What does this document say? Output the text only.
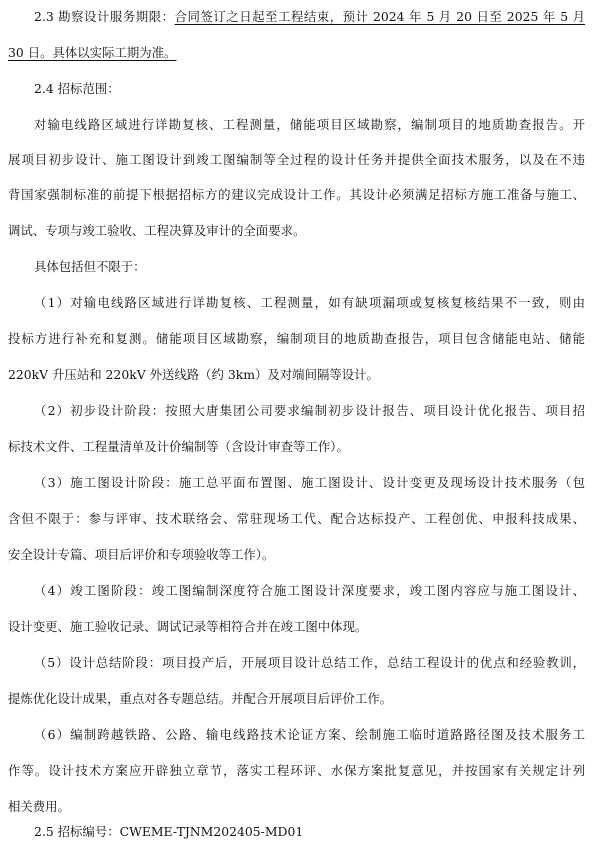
2.3 勘察设计服务期限：合同签订之日起至工程结束，预计 2024 年 5 月 20 日至 2025 年 5 月
30 日。具体以实际工期为准。
2.4 招标范围：
对输电线路区域进行详勘复核、工程测量，储能项目区域勘察，编制项目的地质勘查报告。开
展项目初步设计、施工图设计到竣工图编制等全过程的设计任务并提供全面技术服务，以及在不违
背国家强制标准的前提下根据招标方的建议完成设计工作。其设计必须满足招标方施工准备与施工、
调试、专项与竣工验收、工程决算及审计的全面要求。
具体包括但不限于：
（1）对输电线路区域进行详勘复核、工程测量，如有缺项漏项或复核复核结果不一致，则由
投标方进行补充和复测。储能项目区域勘察，编制项目的地质勘查报告，项目包含储能电站、储能
220kV 升压站和 220kV 外送线路（约 3km）及对端间隔等设计。
（2）初步设计阶段：按照大唐集团公司要求编制初步设计报告、项目设计优化报告、项目招
标技术文件、工程量清单及计价编制等（含设计审查等工作）。
（3）施工图设计阶段：施工总平面布置图、施工图设计、设计变更及现场设计技术服务（包
含但不限于：参与评审、技术联络会、常驻现场工代、配合达标投产、工程创优、申报科技成果、
安全设计专篇、项目后评价和专项验收等工作）。
（4）竣工图阶段：竣工图编制深度符合施工图设计深度要求，竣工图内容应与施工图设计、
设计变更、施工验收记录、调试记录等相符合并在竣工图中体现。
（5）设计总结阶段：项目投产后，开展项目设计总结工作，总结工程设计的优点和经验教训，
提炼优化设计成果，重点对各专题总结。并配合开展项目后评价工作。
（6）编制跨越铁路、公路、输电线路技术论证方案、绘制施工临时道路路径图及技术服务工
作等。设计技术方案应开辟独立章节，落实工程环评、水保方案批复意见，并按国家有关规定计列
相关费用。
2.5 招标编号：CWEME-TJNM202405-MD01
